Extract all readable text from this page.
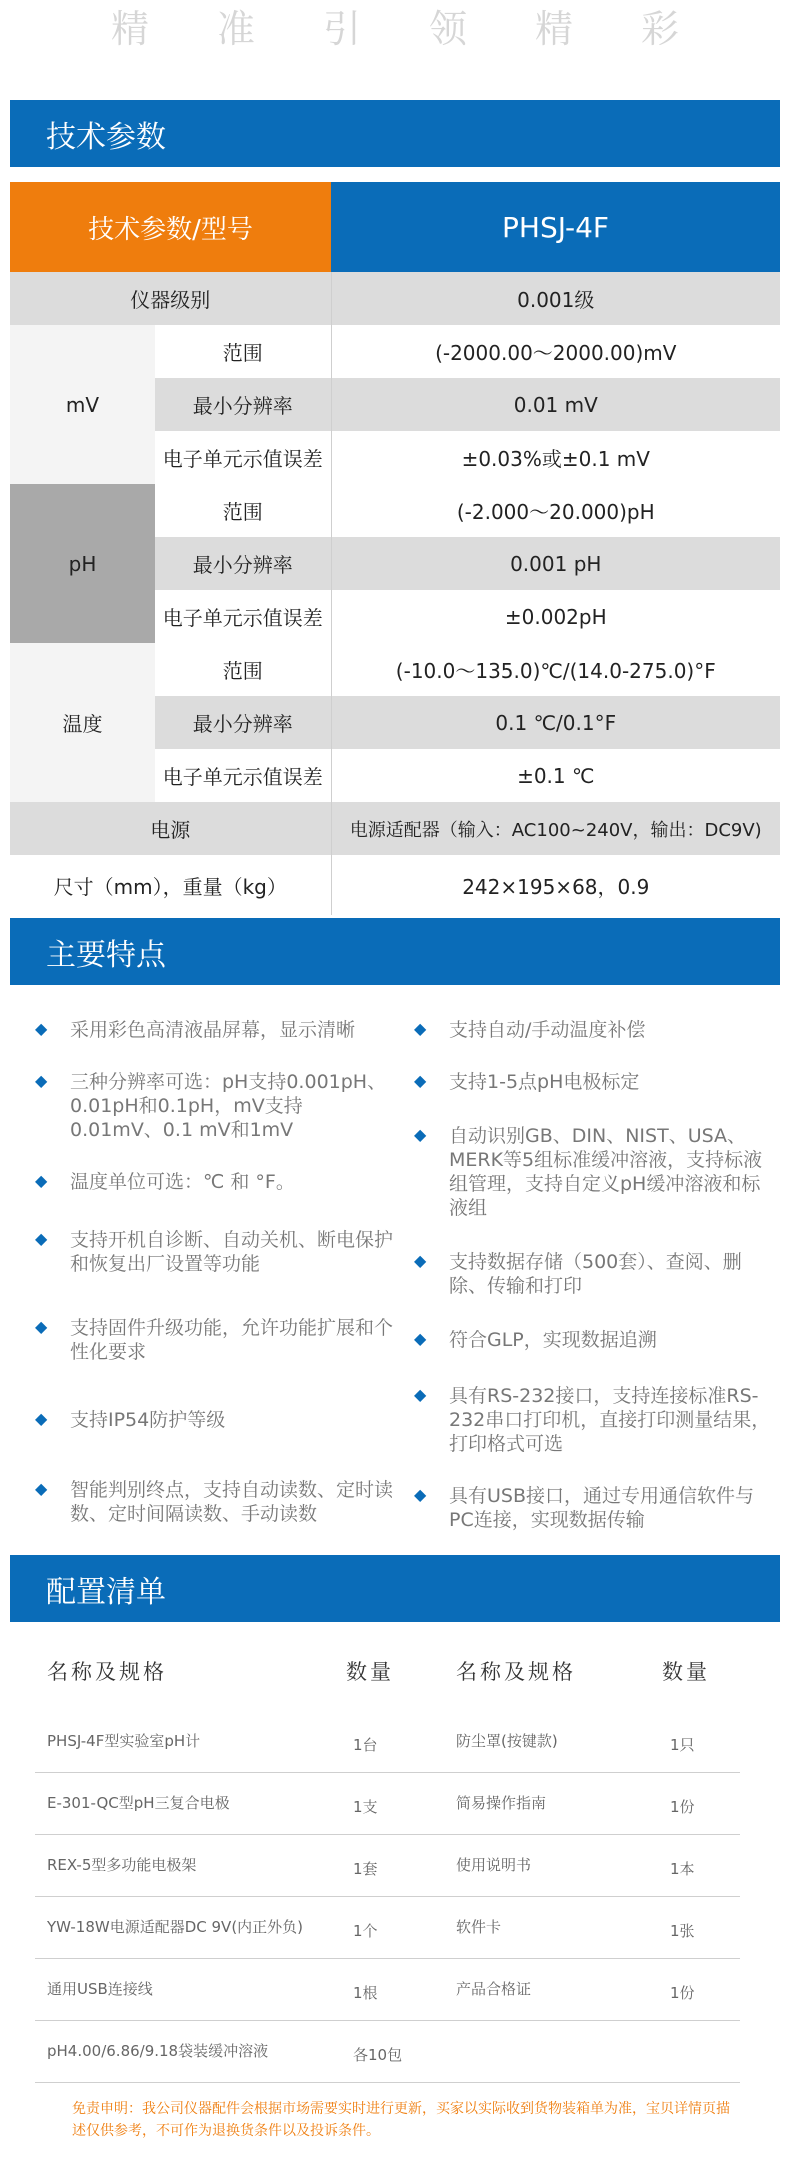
精 准 引 领 精 彩
技术参数
技术参数/型号		PHSJ-4F
仪器级别		0.001级
mV	范围	(-2000.00～2000.00)mV
	最小分辨率	0.01 mV
	电子单元示值误差	±0.03%或±0.1 mV
pH	范围	(-2.000～20.000)pH
	最小分辨率	0.001 pH
	电子单元示值误差	±0.002pH
温度	范围	(-10.0～135.0)℃/(14.0-275.0)°F
	最小分辨率	0.1 ℃/0.1°F
	电子单元示值误差	±0.1 ℃
电源		电源适配器（输入：AC100~240V，输出：DC9V)
尺寸（mm），重量（kg）		242×195×68，0.9
主要特点
◆ 采用彩色高清液晶屏幕，显示清晰
◆ 三种分辨率可选：pH支持0.001pH、0.01pH和0.1pH，mV支持0.01mV、0.1 mV和1mV
◆ 温度单位可选：℃ 和 °F。
◆ 支持开机自诊断、自动关机、断电保护和恢复出厂设置等功能
◆ 支持固件升级功能，允许功能扩展和个性化要求
◆ 支持IP54防护等级
◆ 智能判别终点，支持自动读数、定时读数、定时间隔读数、手动读数
◆ 支持自动/手动温度补偿
◆ 支持1-5点pH电极标定
◆ 自动识别GB、DIN、NIST、USA、MERK等5组标准缓冲溶液，支持标液组管理，支持自定义pH缓冲溶液和标液组
◆ 支持数据存储（500套）、查阅、删除、传输和打印
◆ 符合GLP，实现数据追溯
◆ 具有RS-232接口，支持连接标准RS-232串口打印机，直接打印测量结果，打印格式可选
◆ 具有USB接口，通过专用通信软件与PC连接，实现数据传输
配置清单
名称及规格	数量	名称及规格	数量
PHSJ-4F型实验室pH计	1台	防尘罩(按键款)	1只
E-301-QC型pH三复合电极	1支	简易操作指南	1份
REX-5型多功能电极架	1套	使用说明书	1本
YW-18W电源适配器DC 9V(内正外负)	1个	软件卡	1张
通用USB连接线	1根	产品合格证	1份
pH4.00/6.86/9.18袋装缓冲溶液	各10包
免责申明：我公司仪器配件会根据市场需要实时进行更新，买家以实际收到货物装箱单为准，宝贝详情页描述仅供参考，不可作为退换货条件以及投诉条件。
